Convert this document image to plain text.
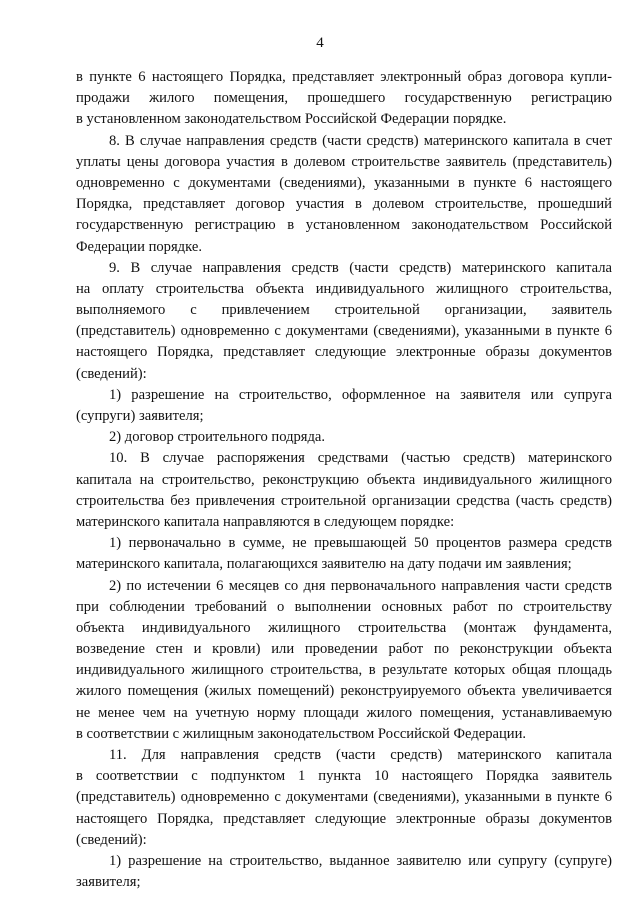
4
в пункте 6 настоящего Порядка, представляет электронный образ договора купли-
продажи жилого помещения, прошедшего государственную регистрацию
в установленном законодательством Российской Федерации порядке.
8. В случае направления средств (части средств) материнского капитала в счет
уплаты цены договора участия в долевом строительстве заявитель (представитель)
одновременно с документами (сведениями), указанными в пункте 6 настоящего
Порядка, представляет договор участия в долевом строительстве, прошедший
государственную регистрацию в установленном законодательством Российской
Федерации порядке.
9. В случае направления средств (части средств) материнского капитала
на оплату строительства объекта индивидуального жилищного строительства,
выполняемого с привлечением строительной организации, заявитель
(представитель) одновременно с документами (сведениями), указанными в пункте 6
настоящего Порядка, представляет следующие электронные образы документов
(сведений):
1) разрешение на строительство, оформленное на заявителя или супруга
(супруги) заявителя;
2) договор строительного подряда.
10. В случае распоряжения средствами (частью средств) материнского
капитала на строительство, реконструкцию объекта индивидуального жилищного
строительства без привлечения строительной организации средства (часть средств)
материнского капитала направляются в следующем порядке:
1) первоначально в сумме, не превышающей 50 процентов размера средств
материнского капитала, полагающихся заявителю на дату подачи им заявления;
2) по истечении 6 месяцев со дня первоначального направления части средств
при соблюдении требований о выполнении основных работ по строительству
объекта индивидуального жилищного строительства (монтаж фундамента,
возведение стен и кровли) или проведении работ по реконструкции объекта
индивидуального жилищного строительства, в результате которых общая площадь
жилого помещения (жилых помещений) реконструируемого объекта увеличивается
не менее чем на учетную норму площади жилого помещения, устанавливаемую
в соответствии с жилищным законодательством Российской Федерации.
11. Для направления средств (части средств) материнского капитала
в соответствии с подпунктом 1 пункта 10 настоящего Порядка заявитель
(представитель) одновременно с документами (сведениями), указанными в пункте 6
настоящего Порядка, представляет следующие электронные образы документов
(сведений):
1) разрешение на строительство, выданное заявителю или супругу (супруге)
заявителя;
